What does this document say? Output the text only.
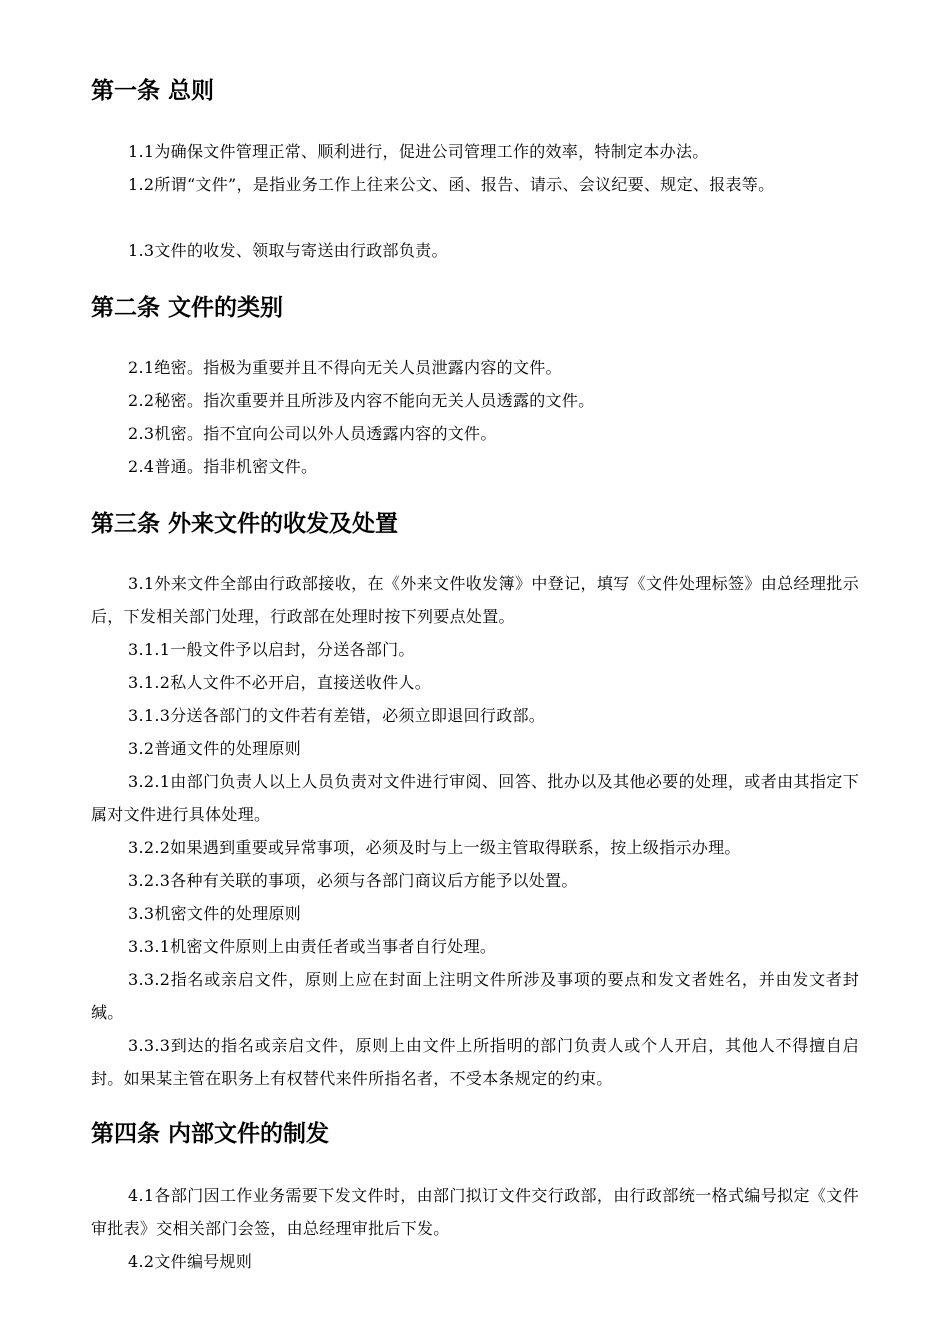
第一条 总则

1.1为确保文件管理正常、顺利进行，促进公司管理工作的效率，特制定本办法。

1.2所谓“文件”，是指业务工作上往来公文、函、报告、请示、会议纪要、规定、报表等。

1.3文件的收发、领取与寄送由行政部负责。

第二条 文件的类别

2.1绝密。指极为重要并且不得向无关人员泄露内容的文件。

2.2秘密。指次重要并且所涉及内容不能向无关人员透露的文件。

2.3机密。指不宜向公司以外人员透露内容的文件。

2.4普通。指非机密文件。

第三条 外来文件的收发及处置

3.1外来文件全部由行政部接收，在《外来文件收发簿》中登记，填写《文件处理标签》由总经理批示后，下发相关部门处理，行政部在处理时按下列要点处置。

3.1.1一般文件予以启封，分送各部门。

3.1.2私人文件不必开启，直接送收件人。

3.1.3分送各部门的文件若有差错，必须立即退回行政部。

3.2普通文件的处理原则

3.2.1由部门负责人以上人员负责对文件进行审阅、回答、批办以及其他必要的处理，或者由其指定下属对文件进行具体处理。

3.2.2如果遇到重要或异常事项，必须及时与上一级主管取得联系，按上级指示办理。

3.2.3各种有关联的事项，必须与各部门商议后方能予以处置。

3.3机密文件的处理原则

3.3.1机密文件原则上由责任者或当事者自行处理。

3.3.2指名或亲启文件，原则上应在封面上注明文件所涉及事项的要点和发文者姓名，并由发文者封缄。

3.3.3到达的指名或亲启文件，原则上由文件上所指明的部门负责人或个人开启，其他人不得擅自启封。如果某主管在职务上有权替代来件所指名者，不受本条规定的约束。

第四条 内部文件的制发

4.1各部门因工作业务需要下发文件时，由部门拟订文件交行政部，由行政部统一格式编号拟定《文件审批表》交相关部门会签，由总经理审批后下发。

4.2文件编号规则
